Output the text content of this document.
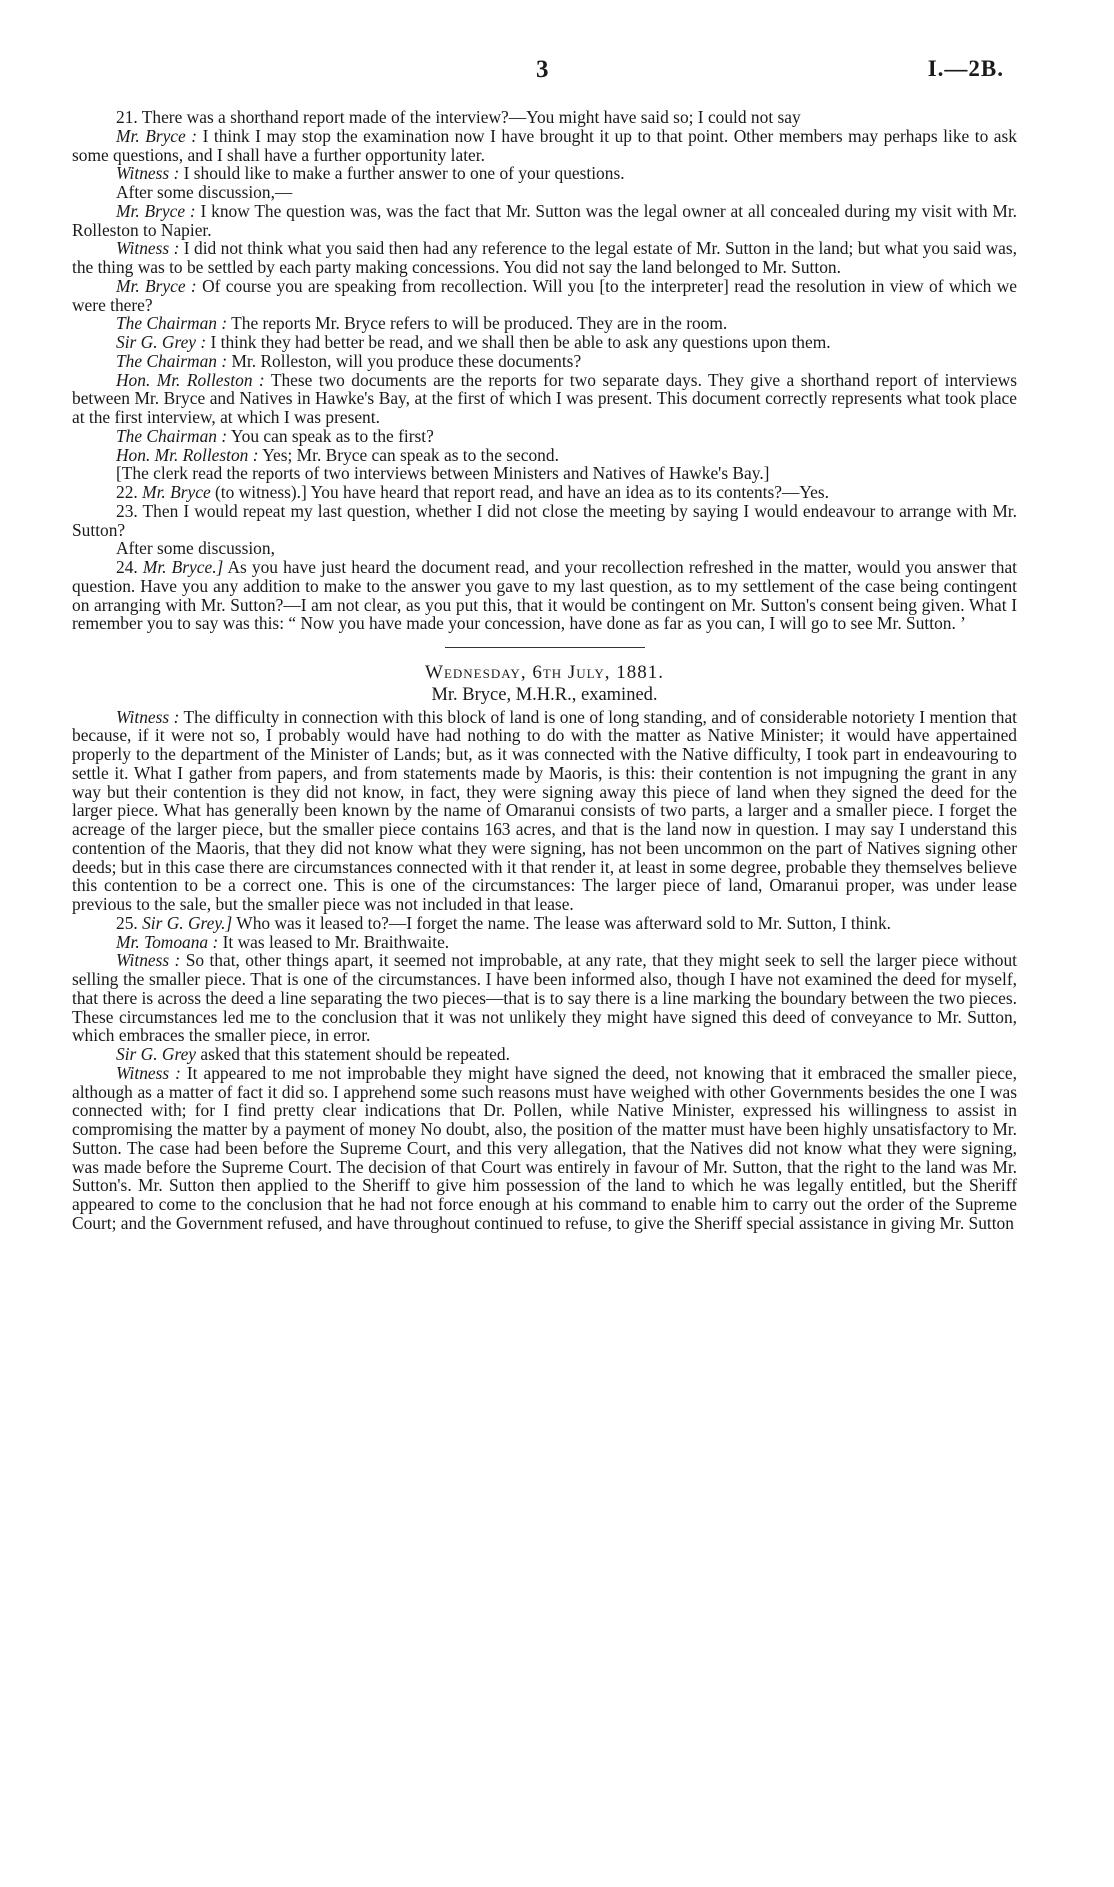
3	I.—2B.

21. There was a shorthand report made of the interview?—You might have said so; I could not say

Mr. Bryce : I think I may stop the examination now I have brought it up to that point. Other members may perhaps like to ask some questions, and I shall have a further opportunity later.

Witness : I should like to make a further answer to one of your questions.

After some discussion,—

Mr. Bryce : I know The question was, was the fact that Mr. Sutton was the legal owner at all concealed during my visit with Mr. Rolleston to Napier.

Witness : I did not think what you said then had any reference to the legal estate of Mr. Sutton in the land; but what you said was, the thing was to be settled by each party making concessions. You did not say the land belonged to Mr. Sutton.

Mr. Bryce : Of course you are speaking from recollection. Will you [to the interpreter] read the resolution in view of which we were there?

The Chairman : The reports Mr. Bryce refers to will be produced. They are in the room.

Sir G. Grey : I think they had better be read, and we shall then be able to ask any questions upon them.

The Chairman : Mr. Rolleston, will you produce these documents?

Hon. Mr. Rolleston : These two documents are the reports for two separate days. They give a shorthand report of interviews between Mr. Bryce and Natives in Hawke's Bay, at the first of which I was present. This document correctly represents what took place at the first interview, at which I was present.

The Chairman : You can speak as to the first?

Hon. Mr. Rolleston : Yes; Mr. Bryce can speak as to the second.

[The clerk read the reports of two interviews between Ministers and Natives of Hawke's Bay.]

22. Mr. Bryce (to witness).] You have heard that report read, and have an idea as to its contents?—Yes.

23. Then I would repeat my last question, whether I did not close the meeting by saying I would endeavour to arrange with Mr. Sutton?

After some discussion,

24. Mr. Bryce.] As you have just heard the document read, and your recollection refreshed in the matter, would you answer that question. Have you any addition to make to the answer you gave to my last question, as to my settlement of the case being contingent on arranging with Mr. Sutton?—I am not clear, as you put this, that it would be contingent on Mr. Sutton's consent being given. What I remember you to say was this: “ Now you have made your concession, have done as far as you can, I will go to see Mr. Sutton. ’

Wednesday, 6th July, 1881.
Mr. Bryce, M.H.R., examined.

Witness : The difficulty in connection with this block of land is one of long standing, and of considerable notoriety I mention that because, if it were not so, I probably would have had nothing to do with the matter as Native Minister; it would have appertained properly to the department of the Minister of Lands; but, as it was connected with the Native difficulty, I took part in endeavouring to settle it. What I gather from papers, and from statements made by Maoris, is this: their contention is not impugning the grant in any way but their contention is they did not know, in fact, they were signing away this piece of land when they signed the deed for the larger piece. What has generally been known by the name of Omaranui consists of two parts, a larger and a smaller piece. I forget the acreage of the larger piece, but the smaller piece contains 163 acres, and that is the land now in question. I may say I understand this contention of the Maoris, that they did not know what they were signing, has not been uncommon on the part of Natives signing other deeds; but in this case there are circumstances connected with it that render it, at least in some degree, probable they themselves believe this contention to be a correct one. This is one of the circumstances: The larger piece of land, Omaranui proper, was under lease previous to the sale, but the smaller piece was not included in that lease.

25. Sir G. Grey.] Who was it leased to?—I forget the name. The lease was afterward sold to Mr. Sutton, I think.

Mr. Tomoana : It was leased to Mr. Braithwaite.

Witness : So that, other things apart, it seemed not improbable, at any rate, that they might seek to sell the larger piece without selling the smaller piece. That is one of the circumstances. I have been informed also, though I have not examined the deed for myself, that there is across the deed a line separating the two pieces—that is to say there is a line marking the boundary between the two pieces. These circumstances led me to the conclusion that it was not unlikely they might have signed this deed of conveyance to Mr. Sutton, which embraces the smaller piece, in error.

Sir G. Grey asked that this statement should be repeated.

Witness : It appeared to me not improbable they might have signed the deed, not knowing that it embraced the smaller piece, although as a matter of fact it did so. I apprehend some such reasons must have weighed with other Governments besides the one I was connected with; for I find pretty clear indications that Dr. Pollen, while Native Minister, expressed his willingness to assist in compromising the matter by a payment of money No doubt, also, the position of the matter must have been highly unsatisfactory to Mr. Sutton. The case had been before the Supreme Court, and this very allegation, that the Natives did not know what they were signing, was made before the Supreme Court. The decision of that Court was entirely in favour of Mr. Sutton, that the right to the land was Mr. Sutton's. Mr. Sutton then applied to the Sheriff to give him possession of the land to which he was legally entitled, but the Sheriff appeared to come to the conclusion that he had not force enough at his command to enable him to carry out the order of the Supreme Court; and the Government refused, and have throughout continued to refuse, to give the Sheriff special assistance in giving Mr. Sutton
